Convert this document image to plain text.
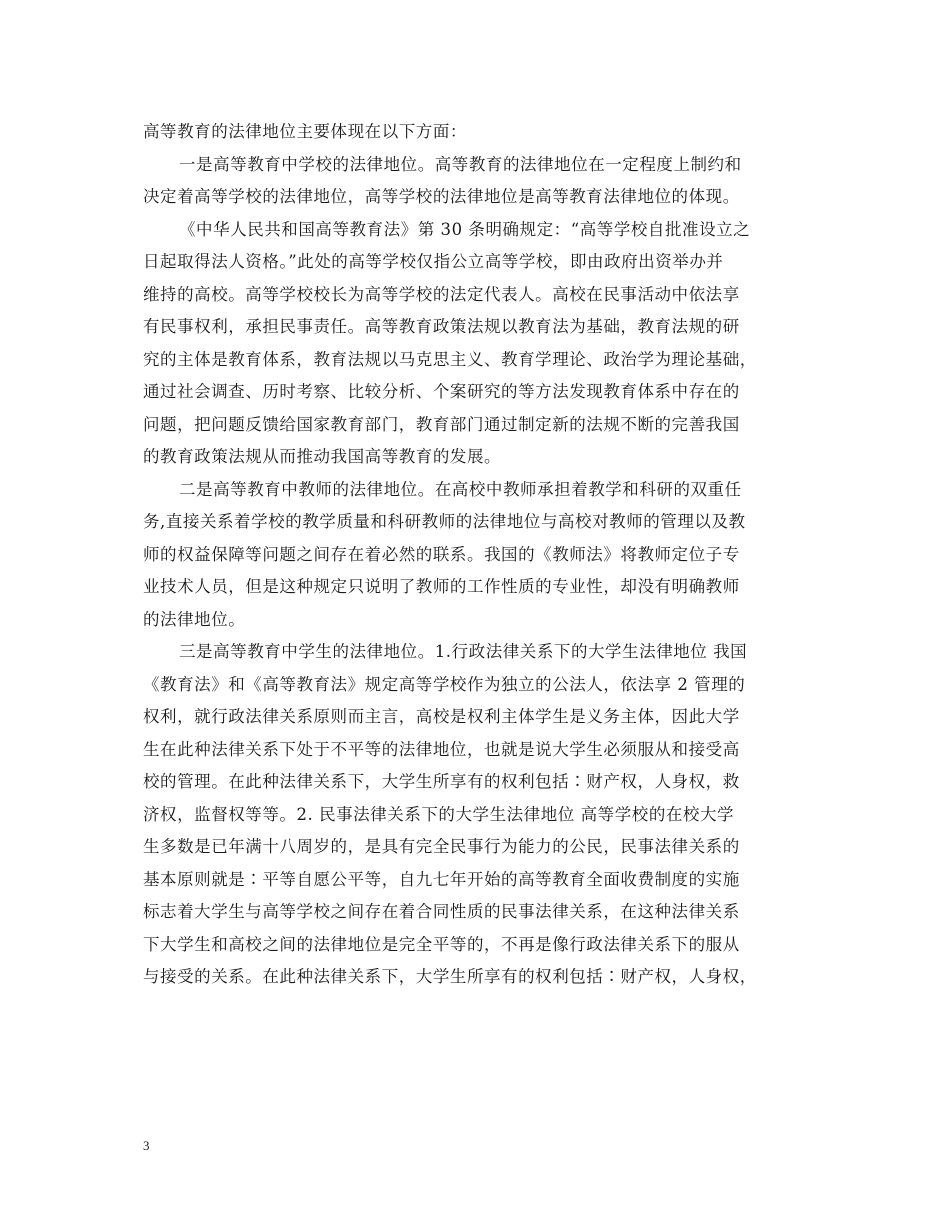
高等教育的法律地位主要体现在以下方面：
一是高等教育中学校的法律地位。高等教育的法律地位在一定程度上制约和
决定着高等学校的法律地位，高等学校的法律地位是高等教育法律地位的体现。
《中华人民共和国高等教育法》第 30 条明确规定：“高等学校自批准设立之
日起取得法人资格。”此处的高等学校仅指公立高等学校，即由政府出资举办并
维持的高校。高等学校校长为高等学校的法定代表人。高校在民事活动中依法享
有民事权利，承担民事责任。高等教育政策法规以教育法为基础，教育法规的研
究的主体是教育体系，教育法规以马克思主义、教育学理论、政治学为理论基础，
通过社会调查、历时考察、比较分析、个案研究的等方法发现教育体系中存在的
问题，把问题反馈给国家教育部门，教育部门通过制定新的法规不断的完善我国
的教育政策法规从而推动我国高等教育的发展。
二是高等教育中教师的法律地位。在高校中教师承担着教学和科研的双重任
务,直接关系着学校的教学质量和科研教师的法律地位与高校对教师的管理以及教
师的权益保障等问题之间存在着必然的联系。我国的《教师法》将教师定位子专
业技术人员，但是这种规定只说明了教师的工作性质的专业性，却没有明确教师
的法律地位。
三是高等教育中学生的法律地位。1.行政法律关系下的大学生法律地位 我国
《教育法》和《高等教育法》规定高等学校作为独立的公法人，依法享 2 管理的
权利，就行政法律关系原则而主言，高校是权利主体学生是义务主体，因此大学
生在此种法律关系下处于不平等的法律地位，也就是说大学生必须服从和接受高
校的管理。在此种法律关系下，大学生所享有的权利包括∶财产权，人身权，救
济权，监督权等等。2. 民事法律关系下的大学生法律地位 高等学校的在校大学
生多数是已年满十八周岁的，是具有完全民事行为能力的公民，民事法律关系的
基本原则就是∶平等自愿公平等，自九七年开始的高等教育全面收费制度的实施
标志着大学生与高等学校之间存在着合同性质的民事法律关系，在这种法律关系
下大学生和高校之间的法律地位是完全平等的，不再是像行政法律关系下的服从
与接受的关系。在此种法律关系下，大学生所享有的权利包括∶财产权，人身权，
3
